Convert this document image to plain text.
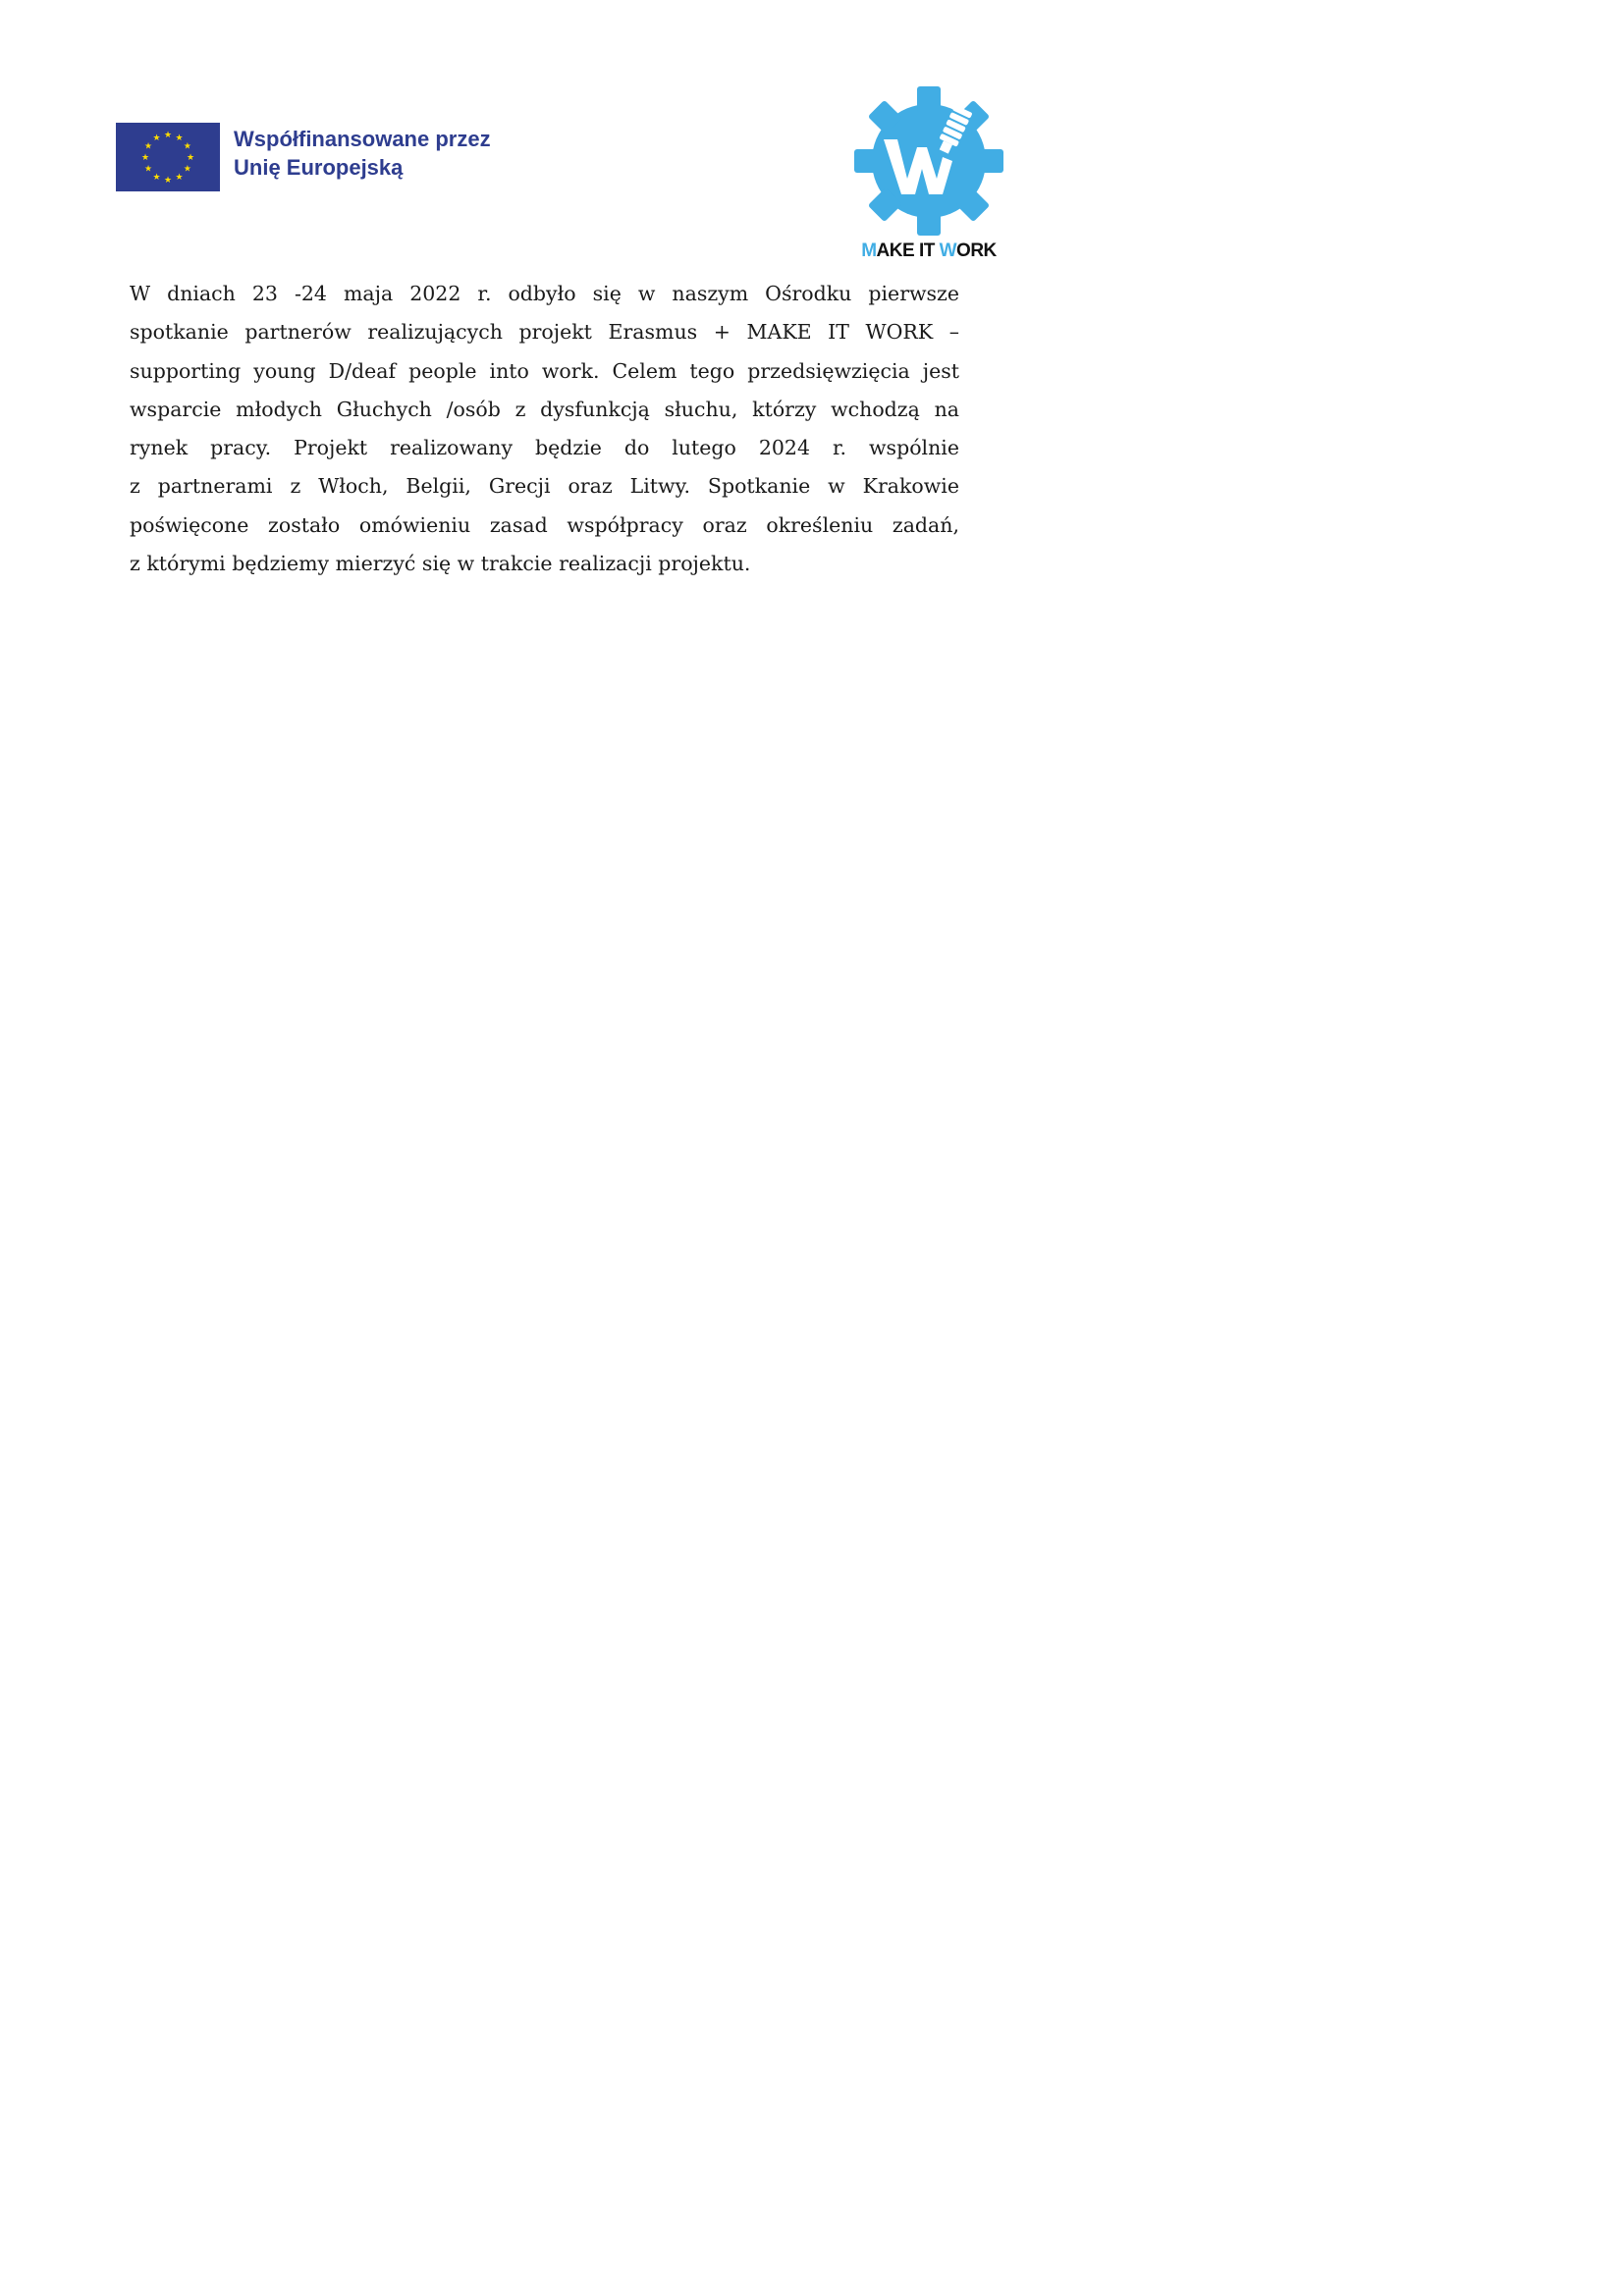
★ ★
★
★
★
★
★
★
★
★
★
★	Współfinansowane przez
Unię Europejską
MAKE IT WORK
W dniach 23 -24 maja 2022 r. odbyło się w naszym Ośrodku pierwsze
spotkanie partnerów realizujących projekt Erasmus + MAKE IT WORK –
supporting young D/deaf people into work. Celem tego przedsięwzięcia jest
wsparcie młodych Głuchych /osób z dysfunkcją słuchu, którzy wchodzą na
rynek pracy. Projekt realizowany będzie do lutego 2024 r. wspólnie
z partnerami z Włoch, Belgii, Grecji oraz Litwy. Spotkanie w Krakowie
poświęcone zostało omówieniu zasad współpracy oraz określeniu zadań,
z którymi będziemy mierzyć się w trakcie realizacji projektu.
